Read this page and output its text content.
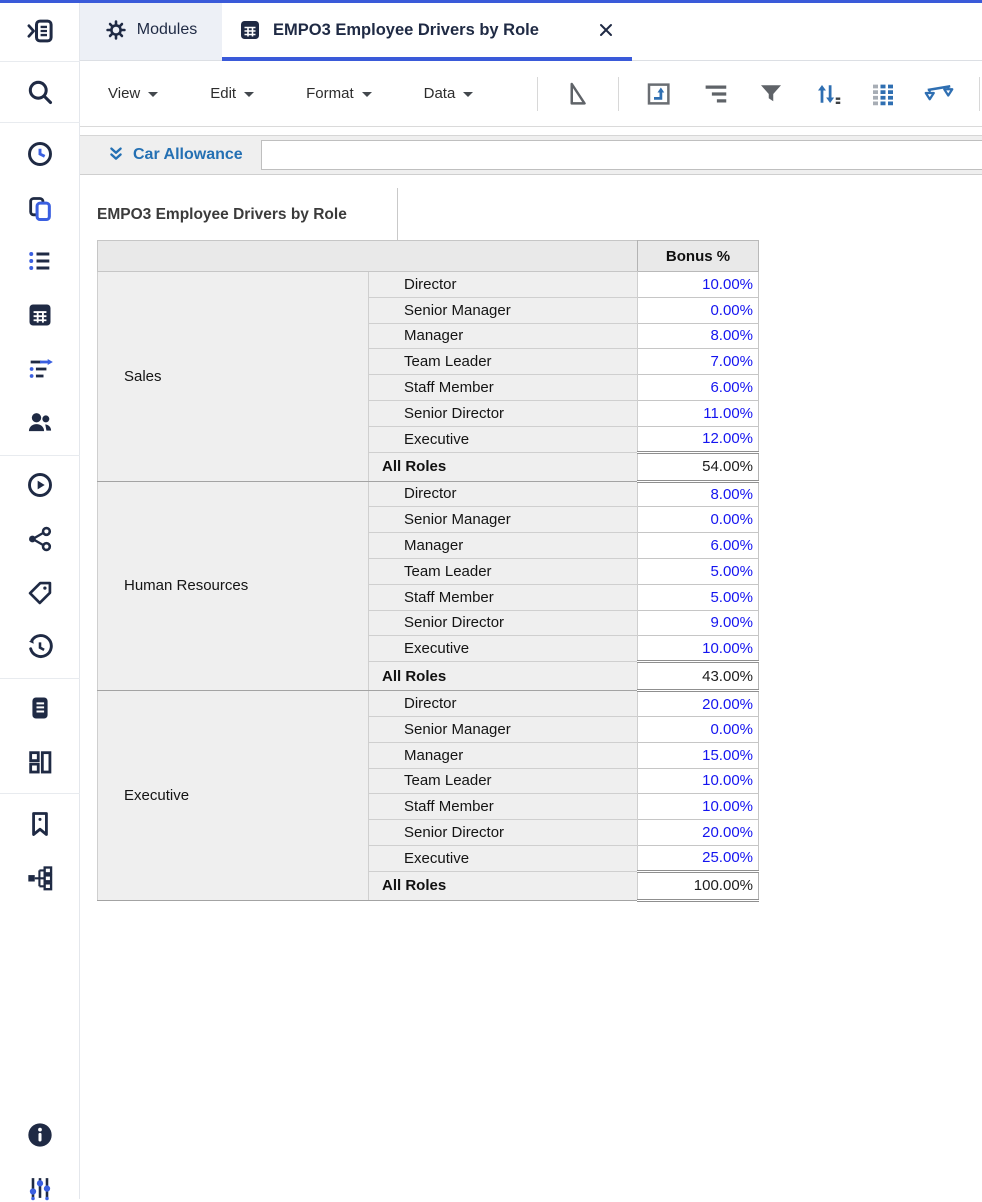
Modules	EMPO3 Employee Drivers by Role
View	Edit	Format	Data
Car Allowance
EMPO3 Employee Drivers by Role
		Bonus %
Sales	Director	10.00%
	Senior Manager	0.00%
	Manager	8.00%
	Team Leader	7.00%
	Staff Member	6.00%
	Senior Director	11.00%
	Executive	12.00%
	All Roles	54.00%
Human Resources	Director	8.00%
	Senior Manager	0.00%
	Manager	6.00%
	Team Leader	5.00%
	Staff Member	5.00%
	Senior Director	9.00%
	Executive	10.00%
	All Roles	43.00%
Executive	Director	20.00%
	Senior Manager	0.00%
	Manager	15.00%
	Team Leader	10.00%
	Staff Member	10.00%
	Senior Director	20.00%
	Executive	25.00%
	All Roles	100.00%
